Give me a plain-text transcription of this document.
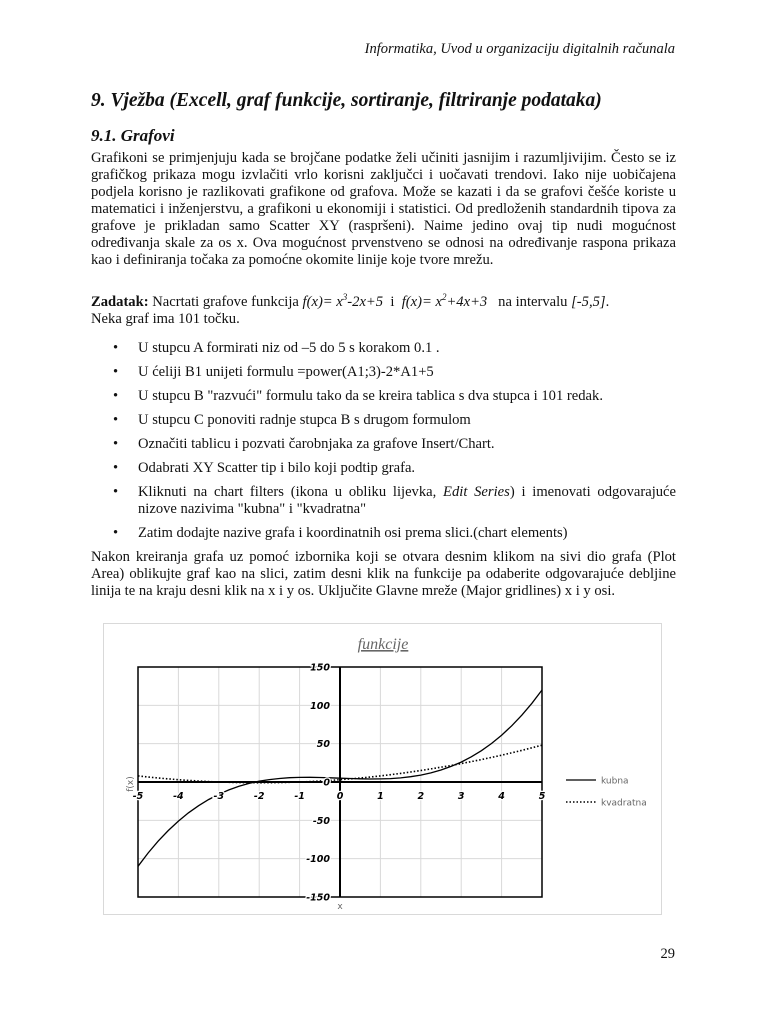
Informatika, Uvod u organizaciju digitalnih računala
9. Vježba (Excell, graf funkcije, sortiranje, filtriranje podataka)
9.1. Grafovi
Grafikoni se primjenjuju kada se brojčane podatke želi učiniti jasnijim i razumljivijim. Često se iz grafičkog prikaza mogu izvlačiti vrlo korisni zaključci i uočavati trendovi. Iako nije uobičajena podjela korisno je razlikovati grafikone od grafova. Može se kazati i da se grafovi češće koriste u matematici i inženjerstvu, a grafikoni u ekonomiji i statistici. Od predloženih standardnih tipova za grafove je prikladan samo Scatter XY (raspršeni). Naime jedino ovaj tip nudi mogućnost određivanja skale za os x. Ova mogućnost prvenstveno se odnosi na određivanje raspona prikaza kao i definiranja točaka za pomoćne okomite linije koje tvore mrežu.
Zadatak: Nacrtati grafove funkcija $f(x)= x^3-2x+5$  i  $f(x)= x^2+4x+3$   na intervalu [-5,5].
Neka graf ima 101 točku.
• U stupcu A formirati niz od –5 do 5 s korakom 0.1 .
• U ćeliji B1 unijeti formulu =power(A1;3)-2*A1+5
• U stupcu B "razvući" formulu tako da se kreira tablica s dva stupca i 101 redak.
• U stupcu C ponoviti radnje stupca B s drugom formulom
• Označiti tablicu i pozvati čarobnjaka za grafove Insert/Chart.
• Odabrati XY Scatter tip i bilo koji podtip grafa.
• Kliknuti na chart filters (ikona u obliku lijevka, Edit Series) i imenovati odgovarajuće nizove nazivima "kubna" i "kvadratna"
• Zatim dodajte nazive grafa i koordinatnih osi prema slici.(chart elements)
Nakon kreiranja grafa uz pomoć izbornika koji se otvara desnim klikom na sivi dio grafa (Plot Area) oblikujte graf kao na slici, zatim desni klik na funkcije pa odaberite odgovarajuće debljine linija te na kraju desni klik na x i y os. Uključite Glavne mreže (Major gridlines) x i y osi.
funkcije
-5	-4	-3	-2	-1	0	1	2	3	4	5
150
100
50
0
-50
-100
-150
x
f(x)	kubna
kvadratna
29
